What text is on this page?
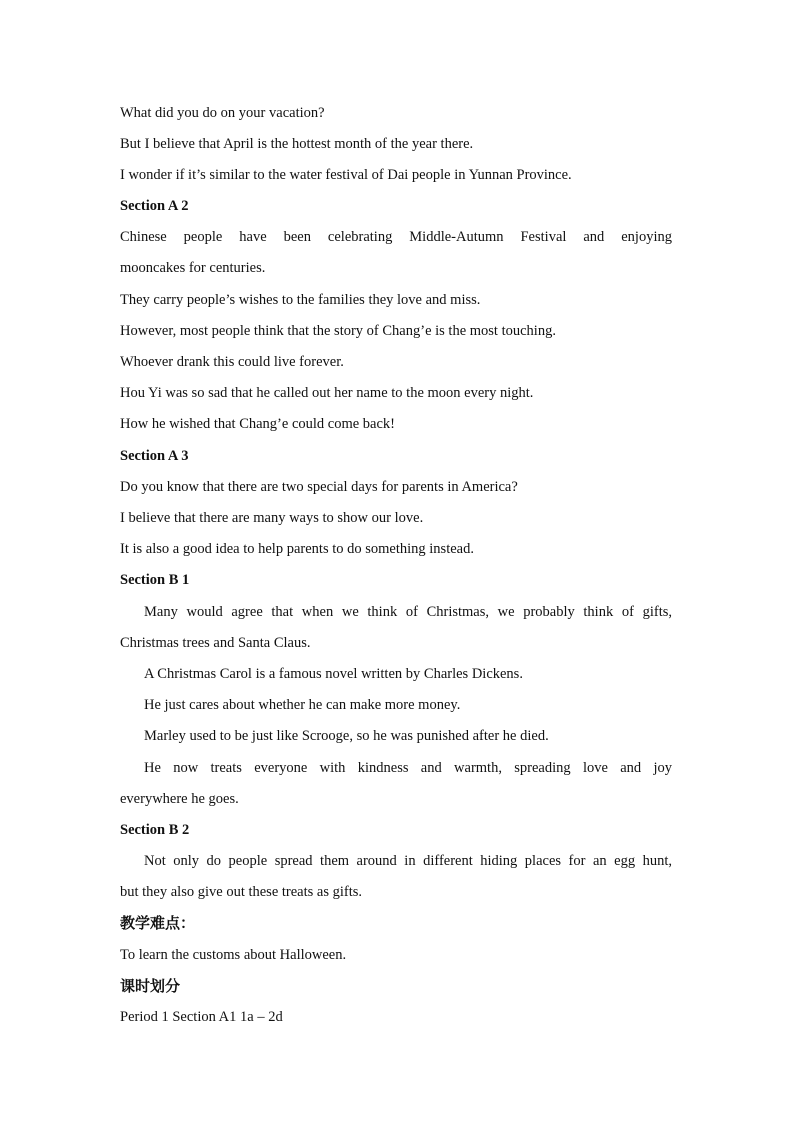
What did you do on your vacation?
But I believe that April is the hottest month of the year there.
I wonder if it’s similar to the water festival of Dai people in Yunnan Province.
Section A 2
Chinese people have been celebrating Middle-Autumn Festival and enjoying
mooncakes for centuries.
They carry people’s wishes to the families they love and miss.
However, most people think that the story of Chang’e is the most touching.
Whoever drank this could live forever.
Hou Yi was so sad that he called out her name to the moon every night.
How he wished that Chang’e could come back!
Section A 3
Do you know that there are two special days for parents in America?
I believe that there are many ways to show our love.
It is also a good idea to help parents to do something instead.
Section B 1
Many would agree that when we think of Christmas, we probably think of gifts,
Christmas trees and Santa Claus.
A Christmas Carol is a famous novel written by Charles Dickens.
He just cares about whether he can make more money.
Marley used to be just like Scrooge, so he was punished after he died.
He now treats everyone with kindness and warmth, spreading love and joy
everywhere he goes.
Section B 2
Not only do people spread them around in different hiding places for an egg hunt,
but they also give out these treats as gifts.
教学难点：
To learn the customs about Halloween.
课时划分
Period 1 Section A1 1a – 2d
